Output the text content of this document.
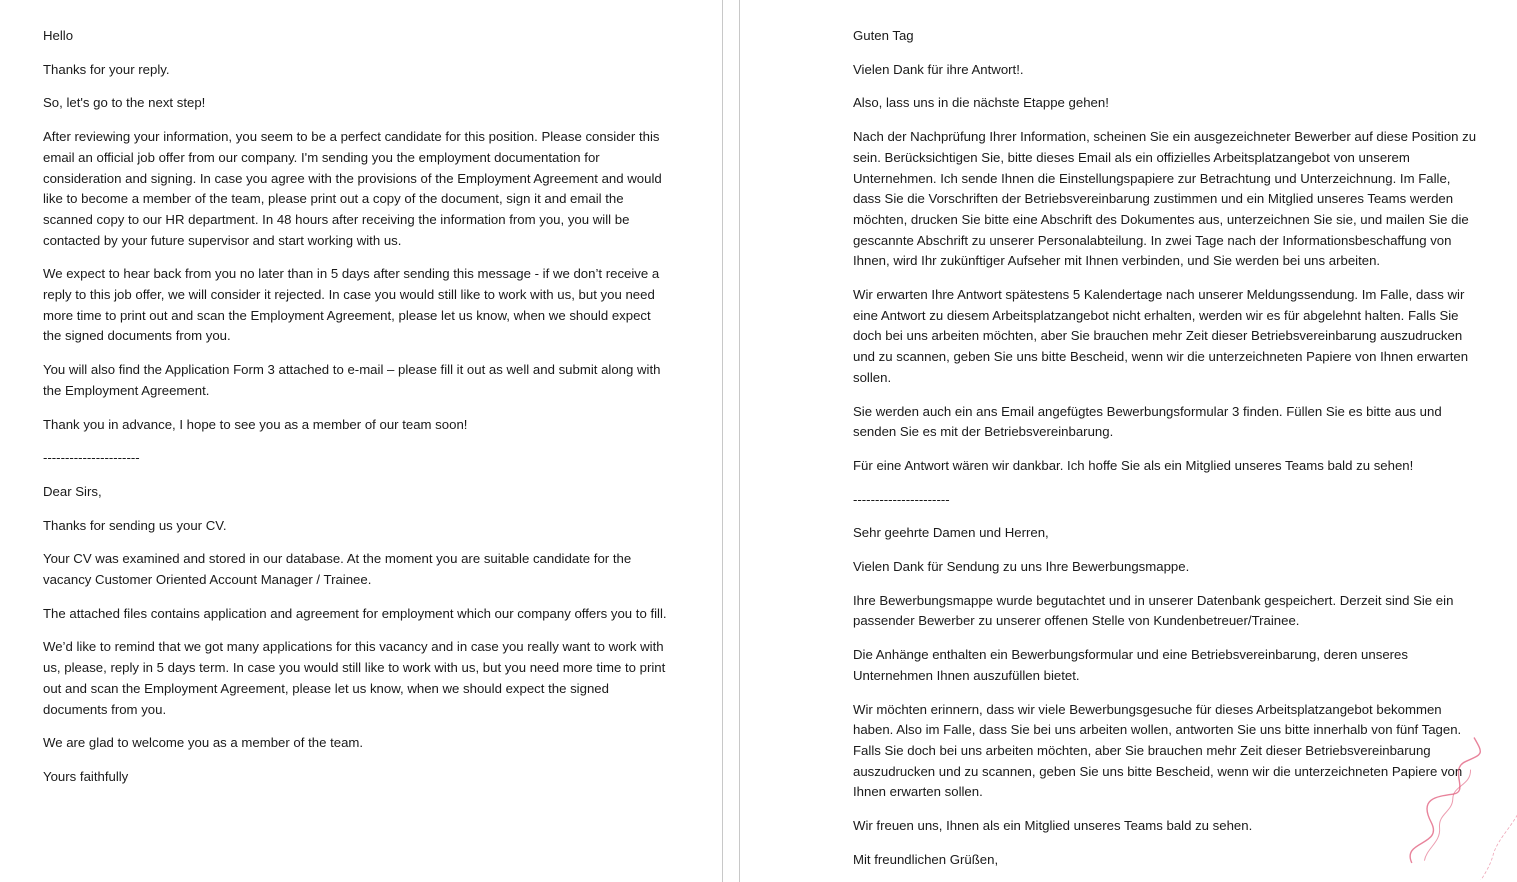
Hello

Thanks for your reply.

So, let's go to the next step!

After reviewing your information, you seem to be a perfect candidate for this position. Please consider this email an official job offer from our company. I'm sending you the employment documentation for consideration and signing. In case you agree with the provisions of the Employment Agreement and would like to become a member of the team, please print out a copy of the document, sign it and email the scanned copy to our HR department. In 48 hours after receiving the information from you, you will be contacted by your future supervisor and start working with us.

We expect to hear back from you no later than in 5 days after sending this message - if we don’t receive a reply to this job offer, we will consider it rejected. In case you would still like to work with us, but you need more time to print out and scan the Employment Agreement, please let us know, when we should expect the signed documents from you.

You will also find the Application Form 3 attached to e-mail – please fill it out as well and submit along with the Employment Agreement.

Thank you in advance, I hope to see you as a member of our team soon!

----------------------

Dear Sirs,

Thanks for sending us your CV.

Your CV was examined and stored in our database. At the moment you are suitable candidate for the vacancy Customer Oriented Account Manager / Trainee.

The attached files contains application and agreement for employment which our company offers you to fill.

We’d like to remind that we got many applications for this vacancy and in case you really want to work with us, please, reply in 5 days term. In case you would still like to work with us, but you need more time to print out and scan the Employment Agreement, please let us know, when we should expect the signed documents from you.

We are glad to welcome you as a member of the team.

Yours faithfully

Guten Tag

Vielen Dank für ihre Antwort!.

Also, lass uns in die nächste Etappe gehen!

Nach der Nachprüfung Ihrer Information, scheinen Sie ein ausgezeichneter Bewerber auf diese Position zu sein. Berücksichtigen Sie, bitte dieses Email als ein offizielles Arbeitsplatzangebot von unserem Unternehmen. Ich sende Ihnen die Einstellungspapiere zur Betrachtung und Unterzeichnung. Im Falle, dass Sie die Vorschriften der Betriebsvereinbarung zustimmen und ein Mitglied unseres Teams werden möchten, drucken Sie bitte eine Abschrift des Dokumentes aus, unterzeichnen Sie sie, und mailen Sie die gescannte Abschrift zu unserer Personalabteilung. In zwei Tage nach der Informationsbeschaffung von Ihnen, wird Ihr zukünftiger Aufseher mit Ihnen verbinden, und Sie werden bei uns arbeiten.

Wir erwarten Ihre Antwort spätestens 5 Kalendertage nach unserer Meldungssendung. Im Falle, dass wir eine Antwort zu diesem Arbeitsplatzangebot nicht erhalten, werden wir es für abgelehnt halten. Falls Sie doch bei uns arbeiten möchten, aber Sie brauchen mehr Zeit dieser Betriebsvereinbarung auszudrucken und zu scannen, geben Sie uns bitte Bescheid, wenn wir die unterzeichneten Papiere von Ihnen erwarten sollen.

Sie werden auch ein ans Email angefügtes Bewerbungsformular 3 finden. Füllen Sie es bitte aus und senden Sie es mit der Betriebsvereinbarung.

Für eine Antwort wären wir dankbar. Ich hoffe Sie als ein Mitglied unseres Teams bald zu sehen!

----------------------

Sehr geehrte Damen und Herren,

Vielen Dank für Sendung zu uns Ihre Bewerbungsmappe.

Ihre Bewerbungsmappe wurde begutachtet und in unserer Datenbank gespeichert. Derzeit sind Sie ein passender Bewerber zu unserer offenen Stelle von Kundenbetreuer/Trainee.

Die Anhänge enthalten ein Bewerbungsformular und eine Betriebsvereinbarung, deren unseres Unternehmen Ihnen auszufüllen bietet.

Wir möchten erinnern, dass wir viele Bewerbungsgesuche für dieses Arbeitsplatzangebot bekommen haben. Also im Falle, dass Sie bei uns arbeiten wollen, antworten Sie uns bitte innerhalb von fünf Tagen. Falls Sie doch bei uns arbeiten möchten, aber Sie brauchen mehr Zeit dieser Betriebsvereinbarung auszudrucken und zu scannen, geben Sie uns bitte Bescheid, wenn wir die unterzeichneten Papiere von Ihnen erwarten sollen.

Wir freuen uns, Ihnen als ein Mitglied unseres Teams bald zu sehen.

Mit freundlichen Grüßen,
